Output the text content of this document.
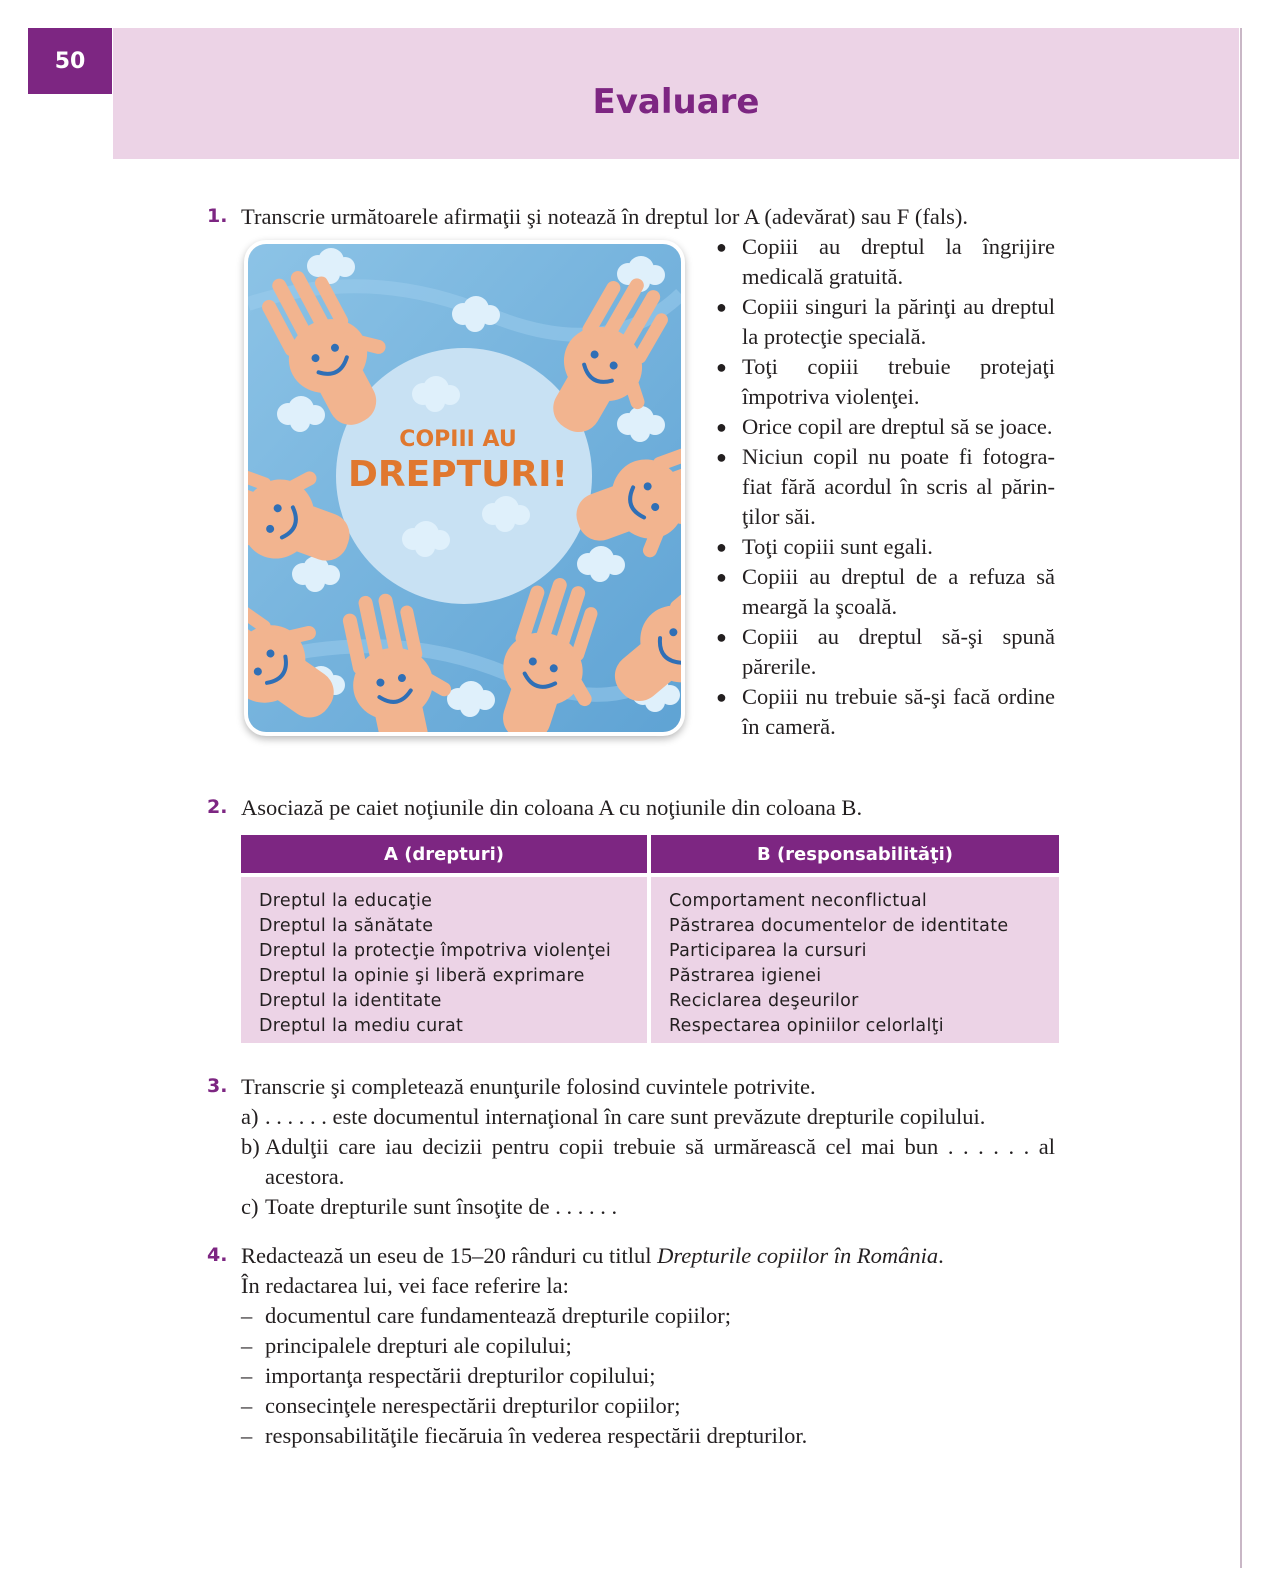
50
Evaluare
1. Transcrie următoarele afirmaţii şi notează în dreptul lor A (adevărat) sau F (fals).
COPIII AU
DREPTURI!
● Copiii au dreptul la îngrijire medicală gratuită.
● Copiii singuri la părinţi au dreptul la protecţie specială.
● Toţi copiii trebuie protejaţi împotriva violenţei.
● Orice copil are dreptul să se joace.
● Niciun copil nu poate fi fotografiat fără acordul în scris al părinţilor săi.
● Toţi copiii sunt egali.
● Copiii au dreptul de a refuza să meargă la şcoală.
● Copiii au dreptul să-şi spună părerile.
● Copiii nu trebuie să-şi facă ordine în cameră.
2. Asociază pe caiet noţiunile din coloana A cu noţiunile din coloana B.
A (drepturi)	B (responsabilităţi)
Dreptul la educaţie
Dreptul la sănătate
Dreptul la protecţie împotriva violenţei
Dreptul la opinie şi liberă exprimare
Dreptul la identitate
Dreptul la mediu curat
Comportament neconflictual
Păstrarea documentelor de identitate
Participarea la cursuri
Păstrarea igienei
Reciclarea deşeurilor
Respectarea opiniilor celorlalţi
3. Transcrie şi completează enunţurile folosind cuvintele potrivite.
a) . . . . . . este documentul internaţional în care sunt prevăzute drepturile copilului.
b) Adulţii care iau decizii pentru copii trebuie să urmărească cel mai bun . . . . . . al acestora.
c) Toate drepturile sunt însoţite de . . . . . .
4. Redactează un eseu de 15–20 rânduri cu titlul Drepturile copiilor în România.
În redactarea lui, vei face referire la:
– documentul care fundamentează drepturile copiilor;
– principalele drepturi ale copilului;
– importanţa respectării drepturilor copilului;
– consecinţele nerespectării drepturilor copiilor;
– responsabilităţile fiecăruia în vederea respectării drepturilor.
